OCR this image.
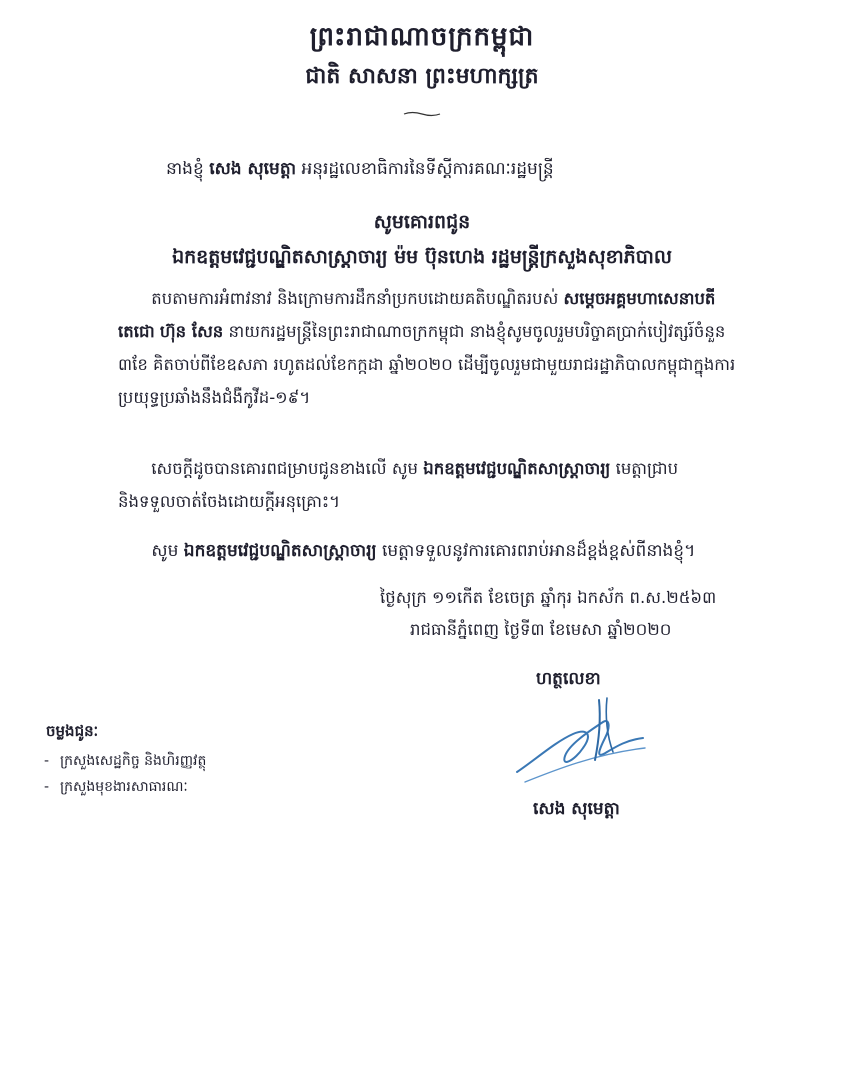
ព្រះរាជាណាចក្រកម្ពុជា
ជាតិ សាសនា ព្រះមហាក្សត្រ
នាងខ្ញុំ សេង សុមេត្តា អនុរដ្ឋលេខាធិការនៃទីស្ដីការគណៈរដ្ឋមន្ត្រី
សូមគោរពជូន
ឯកឧត្ដមវេជ្ជបណ្ឌិតសាស្ត្រាចារ្យ ម៉ម ប៊ុនហេង រដ្ឋមន្ត្រីក្រសួងសុខាភិបាល
តបតាមការអំពាវនាវ និងក្រោមការដឹកនាំប្រកបដោយគតិបណ្ឌិតរបស់ សម្ដេចអគ្គមហាសេនាបតី
តេជោ ហ៊ុន សែន នាយករដ្ឋមន្ត្រីនៃព្រះរាជាណាចក្រកម្ពុជា នាងខ្ញុំសូមចូលរួមបរិច្ចាគប្រាក់បៀវត្សរ៍ចំនួន
៣ខែ គិតចាប់ពីខែឧសភា រហូតដល់ខែកក្កដា ឆ្នាំ២០២០ ដើម្បីចូលរួមជាមួយរាជរដ្ឋាភិបាលកម្ពុជាក្នុងការ
ប្រយុទ្ធប្រឆាំងនឹងជំងឺកូវីដ-១៩។
សេចក្ដីដូចបានគោរពជម្រាបជូនខាងលើ សូម ឯកឧត្ដមវេជ្ជបណ្ឌិតសាស្ត្រាចារ្យ មេត្តាជ្រាប
និងទទួលចាត់ចែងដោយក្ដីអនុគ្រោះ។
សូម ឯកឧត្ដមវេជ្ជបណ្ឌិតសាស្ត្រាចារ្យ មេត្តាទទួលនូវការគោរពរាប់អានដ៏ខ្ពង់ខ្ពស់ពីនាងខ្ញុំ។
ថ្ងៃសុក្រ ១១កើត ខែចេត្រ ឆ្នាំកុរ ឯកស័ក ព.ស.២៥៦៣
រាជធានីភ្នំពេញ ថ្ងៃទី៣ ខែមេសា ឆ្នាំ២០២០
ហត្ថលេខា
សេង សុមេត្តា
ចម្លងជូនៈ
- ក្រសួងសេដ្ឋកិច្ច និងហិរញ្ញវត្ថុ
- ក្រសួងមុខងារសាធារណៈ
